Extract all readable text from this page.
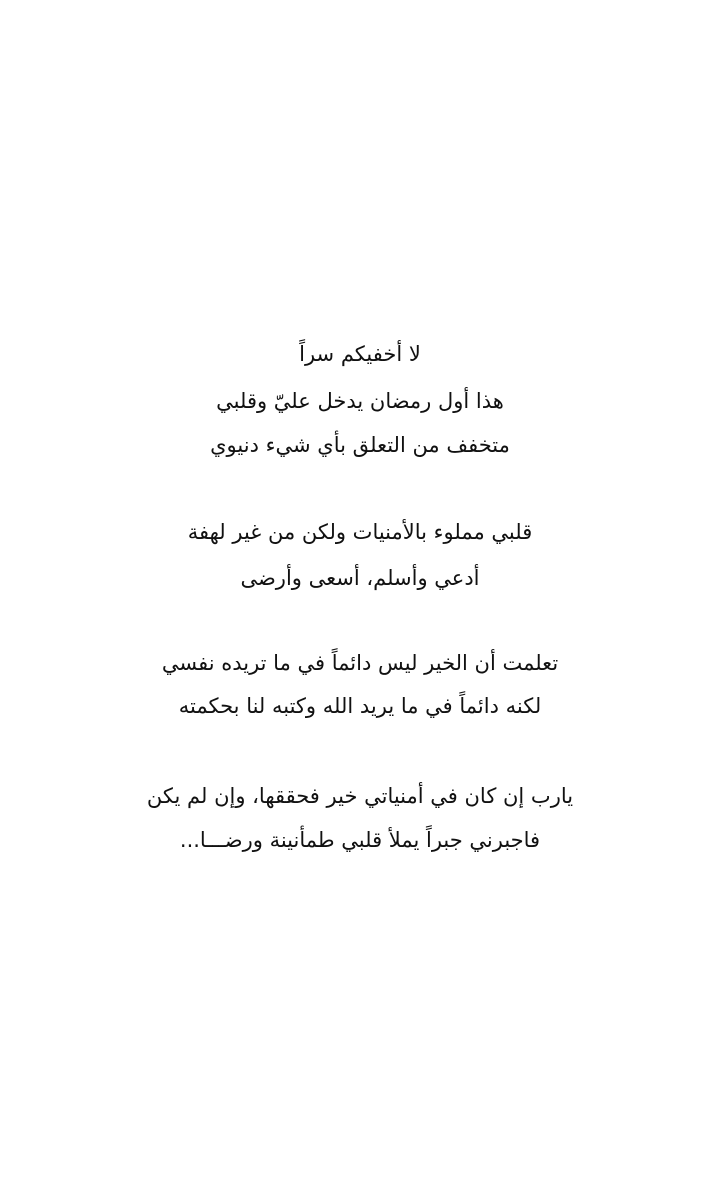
لا أخفيكم سراً
هذا أول رمضان يدخل عليّ وقلبي
متخفف من التعلق بأي شيء دنيوي
قلبي مملوء بالأمنيات ولكن من غير لهفة
أدعي وأسلم، أسعى وأرضى
تعلمت أن الخير ليس دائماً في ما تريده نفسي
لكنه دائماً في ما يريد الله وكتبه لنا بحكمته
يارب إن كان في أمنياتي خير فحققها، وإن لم يكن
فاجبرني جبراً يملأ قلبي طمأنينة ورضـــا...
